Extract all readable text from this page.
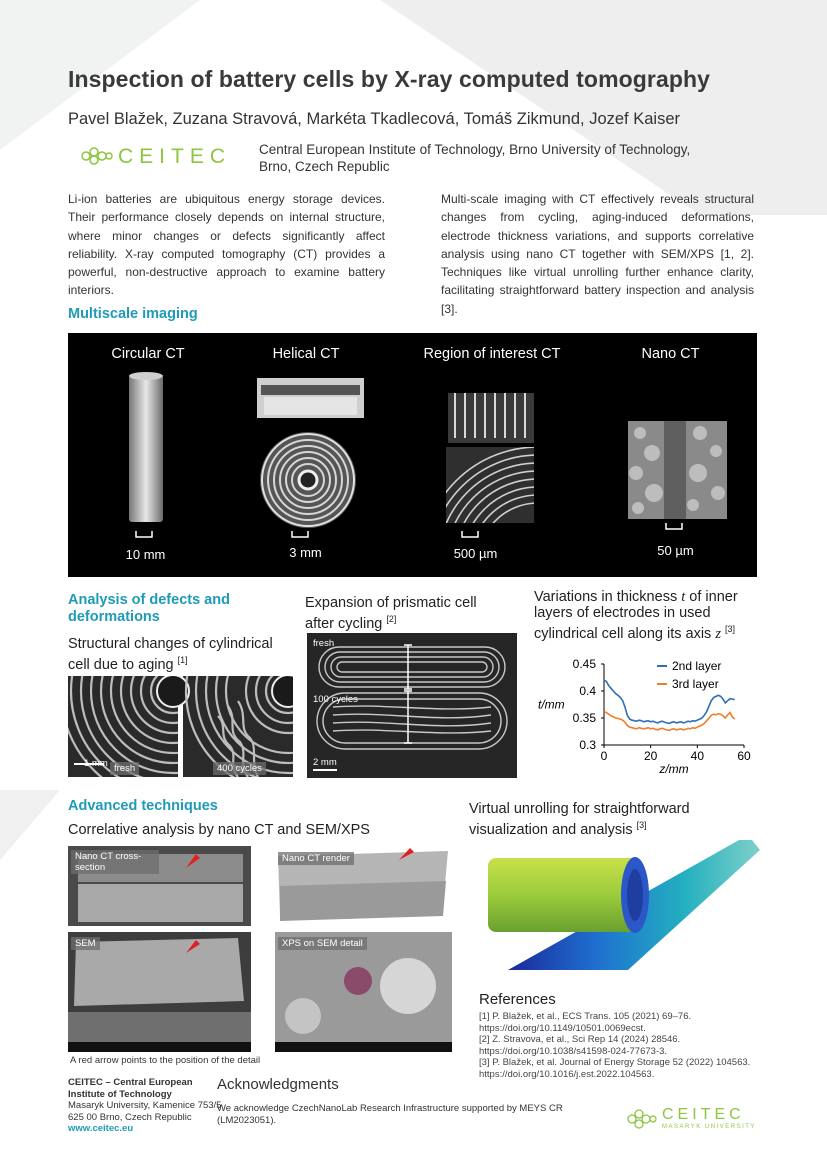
Inspection of battery cells by X-ray computed tomography
Pavel Blažek, Zuzana Stravová, Markéta Tkadlecová, Tomáš Zikmund, Jozef Kaiser
CEITEC Central European Institute of Technology, Brno University of Technology,
Brno, Czech Republic
Li-ion batteries are ubiquitous energy storage devices. Their performance closely depends on internal structure, where minor changes or defects significantly affect reliability. X-ray computed tomography (CT) provides a powerful, non-destructive approach to examine battery interiors.
Multi-scale imaging with CT effectively reveals structural changes from cycling, aging-induced deformations, electrode thickness variations, and supports correlative analysis using nano CT together with SEM/XPS [1, 2]. Techniques like virtual unrolling further enhance clarity, facilitating straightforward battery inspection and analysis [3].
Multiscale imaging
Circular CT	Helical CT	Region of interest CT	Nano CT
10 mm	3 mm	500 µm	50 µm
Analysis of defects and deformations
Structural changes of cylindrical cell due to aging [1]
1 mm fresh	400 cycles
Expansion of prismatic cell
after cycling [2]
fresh
100 cycles
2 mm
Variations in thickness t of inner
layers of electrodes in used
cylindrical cell along its axis z [3]
0.3
0.35
0.4
0.45
0	20	40	60
z/mm
t/mm
2nd layer
3rd layer
Advanced techniques
Correlative analysis by nano CT and SEM/XPS
Nano CT cross-
section
Nano CT render
SEM	XPS on SEM detail
A red arrow points to the position of the detail
Virtual unrolling for straightforward
visualization and analysis [3]
References
[1] P. Blažek, et al., ECS Trans. 105 (2021) 69–76.
https://doi.org/10.1149/10501.0069ecst.
[2] Z. Stravova, et al., Sci Rep 14 (2024) 28546.
https://doi.org/10.1038/s41598-024-77673-3.
[3] P. Blažek, et al. Journal of Energy Storage 52 (2022) 104563.
https://doi.org/10.1016/j.est.2022.104563.
CEITEC – Central European
Institute of Technology
Masaryk University, Kamenice 753/5
625 00 Brno, Czech Republic
www.ceitec.eu
Acknowledgments
We acknowledge CzechNanoLab Research Infrastructure supported by MEYS CR (LM2023051).	CEITEC
MASARYK UNIVERSITY
